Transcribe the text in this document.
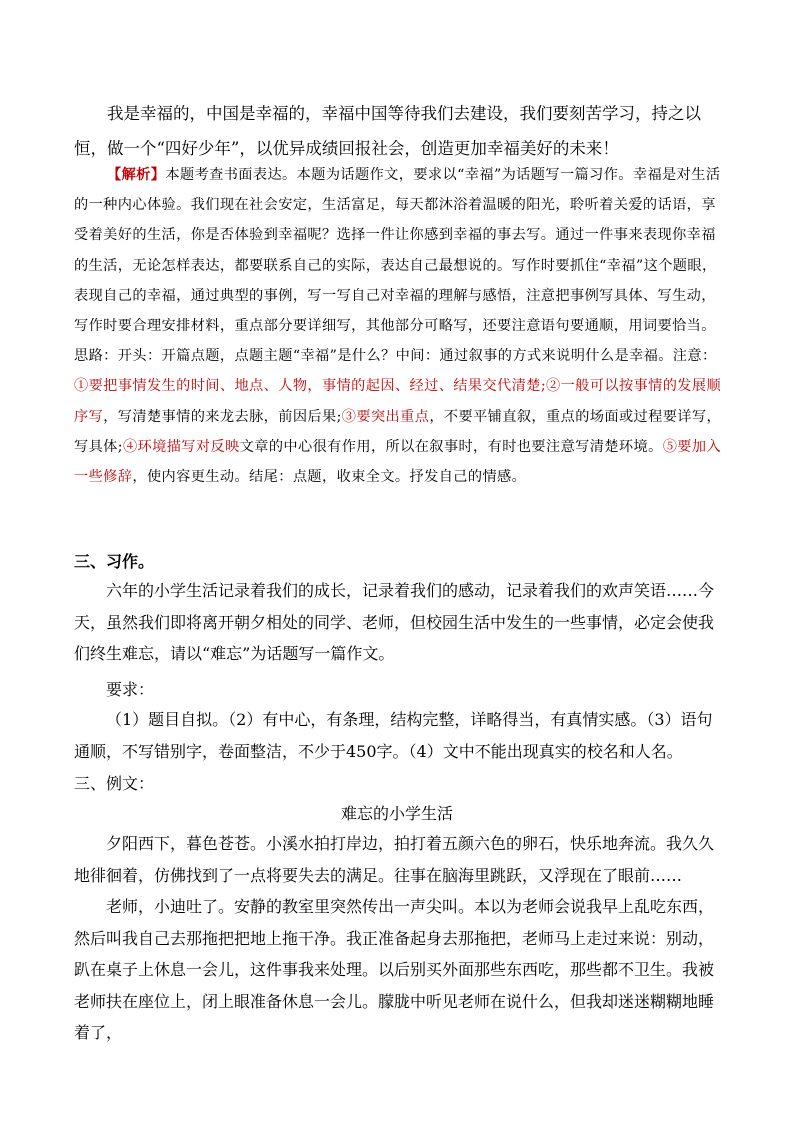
我是幸福的，中国是幸福的，幸福中国等待我们去建设，我们要刻苦学习，持之以恒，做一个“四好少年”，以优异成绩回报社会，创造更加幸福美好的未来！

【解析】本题考查书面表达。本题为话题作文，要求以“幸福”为话题写一篇习作。幸福是对生活的一种内心体验。我们现在社会安定，生活富足，每天都沐浴着温暖的阳光，聆听着关爱的话语，享受着美好的生活，你是否体验到幸福呢？选择一件让你感到幸福的事去写。通过一件事来表现你幸福的生活，无论怎样表达，都要联系自己的实际，表达自己最想说的。写作时要抓住“幸福”这个题眼，表现自己的幸福，通过典型的事例，写一写自己对幸福的理解与感悟，注意把事例写具体、写生动，写作时要合理安排材料，重点部分要详细写，其他部分可略写，还要注意语句要通顺，用词要恰当。思路：开头：开篇点题，点题主题“幸福”是什么？中间：通过叙事的方式来说明什么是幸福。注意：①要把事情发生的时间、地点、人物，事情的起因、经过、结果交代清楚;②一般可以按事情的发展顺序写，写清楚事情的来龙去脉，前因后果;③要突出重点，不要平铺直叙，重点的场面或过程要详写，写具体;④环境描写对反映文章的中心很有作用，所以在叙事时，有时也要注意写清楚环境。⑤要加入一些修辞，使内容更生动。结尾：点题，收束全文。抒发自己的情感。

三、习作。

六年的小学生活记录着我们的成长，记录着我们的感动，记录着我们的欢声笑语……今天，虽然我们即将离开朝夕相处的同学、老师，但校园生活中发生的一些事情，必定会使我们终生难忘，请以“难忘”为话题写一篇作文。

要求：

（1）题目自拟。（2）有中心，有条理，结构完整，详略得当，有真情实感。（3）语句通顺，不写错别字，卷面整洁，不少于450字。（4）文中不能出现真实的校名和人名。

三、例文：
难忘的小学生活

夕阳西下，暮色苍苍。小溪水拍打岸边，拍打着五颜六色的卵石，快乐地奔流。我久久地徘徊着，仿佛找到了一点将要失去的满足。往事在脑海里跳跃，又浮现在了眼前……

老师，小迪吐了。安静的教室里突然传出一声尖叫。本以为老师会说我早上乱吃东西，然后叫我自己去那拖把把地上拖干净。我正准备起身去那拖把，老师马上走过来说：别动，趴在桌子上休息一会儿，这件事我来处理。以后别买外面那些东西吃，那些都不卫生。我被老师扶在座位上，闭上眼准备休息一会儿。朦胧中听见老师在说什么，但我却迷迷糊糊地睡着了，
